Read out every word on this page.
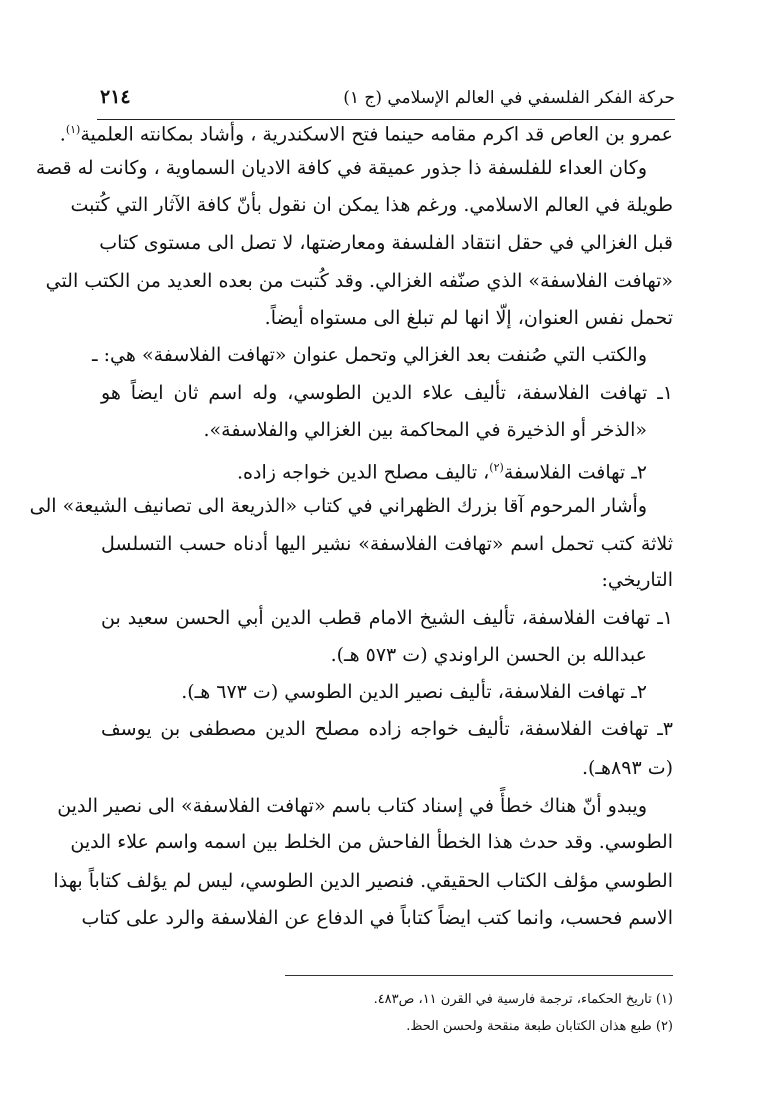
حركة الفكر الفلسفي في العالم الإسلامي (ج ١)
٢١٤
عمرو بن العاص قد اكرم مقامه حينما فتح الاسكندرية ، وأشاد بمكانته العلمية$^{(١)}$.
وكان العداء للفلسفة ذا جذور عميقة في كافة الاديان السماوية ، وكانت له قصة
طويلة في العالم الاسلامي. ورغم هذا يمكن ان نقول بأنّ كافة الآثار التي كُتبت
قبل الغزالي في حقل انتقاد الفلسفة ومعارضتها، لا تصل الى مستوى كتاب
«تهافت الفلاسفة» الذي صنّفه الغزالي. وقد كُتبت من بعده العديد من الكتب التي
تحمل نفس العنوان، إلّا انها لم تبلغ الى مستواه أيضاً.
والكتب التي صُنفت بعد الغزالي وتحمل عنوان «تهافت الفلاسفة» هي: ـ
١ـ تهافت الفلاسفة، تأليف علاء الدين الطوسي، وله اسم ثان ايضاً هو
«الذخر أو الذخيرة في المحاكمة بين الغزالي والفلاسفة».
٢ـ تهافت الفلاسفة$^{(٢)}$، تاليف مصلح الدين خواجه زاده.
وأشار المرحوم آقا بزرك الظهراني في كتاب «الذريعة الى تصانيف الشيعة» الى
ثلاثة كتب تحمل اسم «تهافت الفلاسفة» نشير اليها أدناه حسب التسلسل
التاريخي:
١ـ تهافت الفلاسفة، تأليف الشيخ الامام قطب الدين أبي الحسن سعيد بن
عبدالله بن الحسن الراوندي (ت ٥٧٣ هـ).
٢ـ تهافت الفلاسفة، تأليف نصير الدين الطوسي (ت ٦٧٣ هـ).
٣ـ تهافت الفلاسفة، تأليف خواجه زاده مصلح الدين مصطفى بن يوسف
(ت ٨٩٣هـ).
ويبدو أنّ هناك خطأً في إسناد كتاب باسم «تهافت الفلاسفة» الى نصير الدين
الطوسي. وقد حدث هذا الخطأ الفاحش من الخلط بين اسمه واسم علاء الدين
الطوسي مؤلف الكتاب الحقيقي. فنصير الدين الطوسي، ليس لم يؤلف كتاباً بهذا
الاسم فحسب، وانما كتب ايضاً كتاباً في الدفاع عن الفلاسفة والرد على كتاب
(١) تاريخ الحكماء، ترجمة فارسية في القرن ١١، ص٤٨٣.
(٢) طبع هذان الكتابان طبعة منقحة ولحسن الحظ.
